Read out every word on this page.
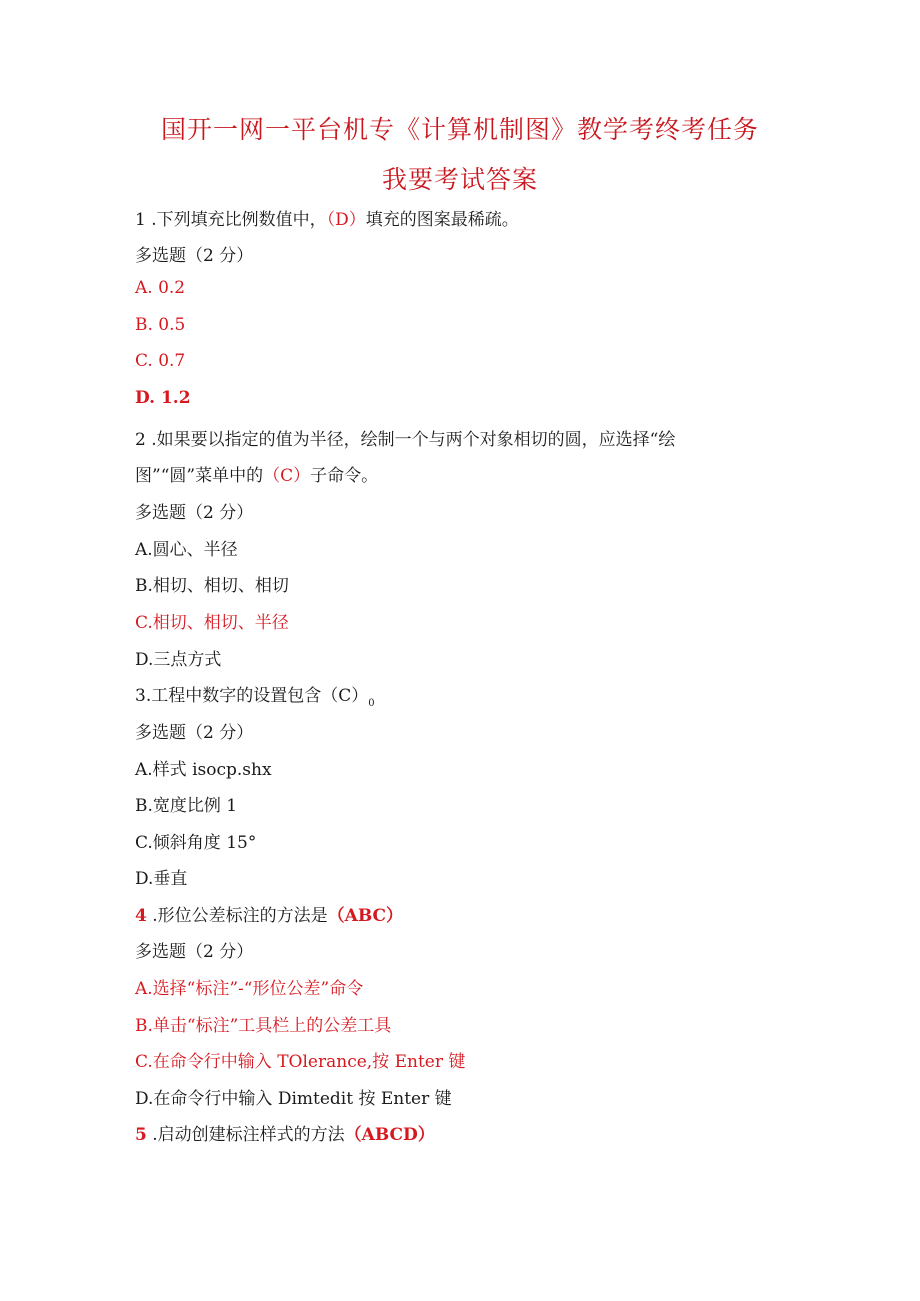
国开一网一平台机专《计算机制图》教学考终考任务
我要考试答案
1 .下列填充比例数值中，（D）填充的图案最稀疏。
多选题（2 分）
A. 0.2
B. 0.5
C. 0.7
D. 1.2
2 .如果要以指定的值为半径，绘制一个与两个对象相切的圆，应选择“绘
图”“圆”菜单中的（C）子命令。
多选题（2 分）
A.圆心、半径
B.相切、相切、相切
C.相切、相切、半径
D.三点方式
3.工程中数字的设置包含$(C)_0$
多选题（2 分）
A.样式 isocp.shx
B.宽度比例 1
C.倾斜角度 15°
D.垂直
4 .形位公差标注的方法是（ABC）
多选题（2 分）
A.选择“标注”-“形位公差”命令
B.单击“标注”工具栏上的公差工具
C.在命令行中输入 TOlerance,按 Enter 键
D.在命令行中输入 Dimtedit 按 Enter 键
5 .启动创建标注样式的方法（ABCD）
